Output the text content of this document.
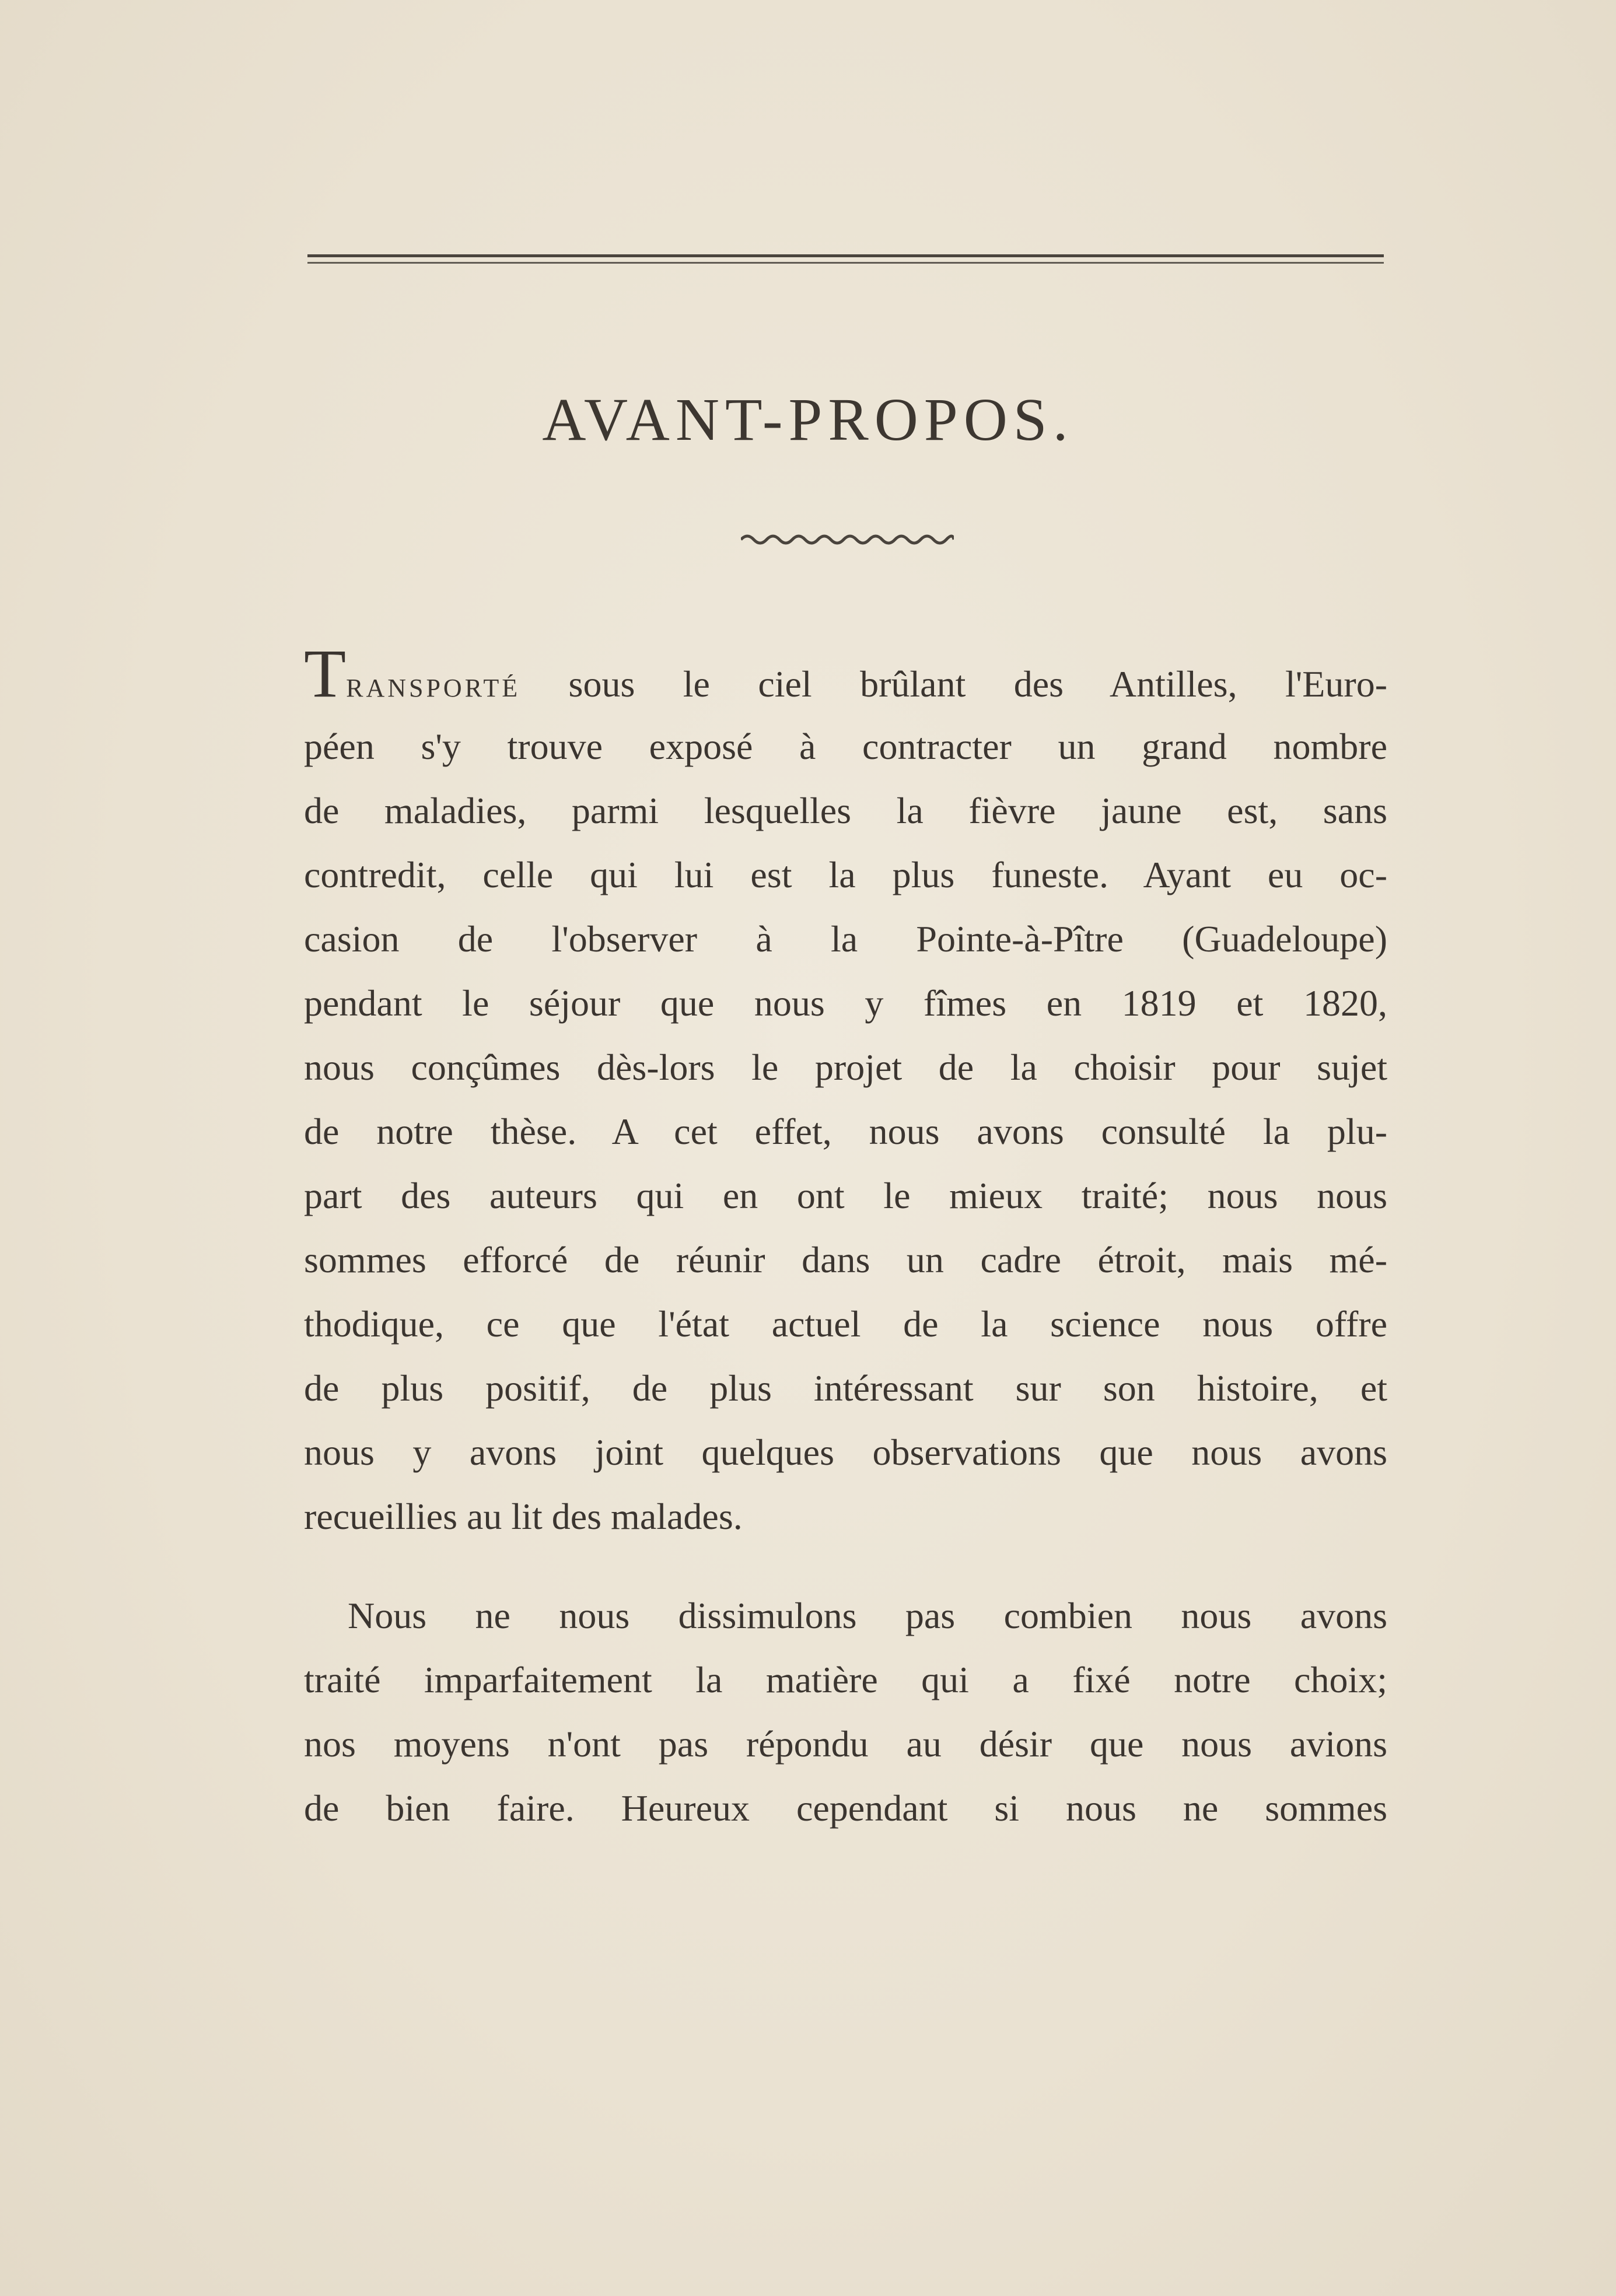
AVANT-PROPOS.
TRANSPORTÉ sous le ciel brûlant des Antilles, l'Euro-
péen s'y trouve exposé à contracter un grand nombre
de maladies, parmi lesquelles la fièvre jaune est, sans
contredit, celle qui lui est la plus funeste. Ayant eu oc-
casion de l'observer à la Pointe-à-Pître (Guadeloupe)
pendant le séjour que nous y fîmes en 1819 et 1820,
nous conçûmes dès-lors le projet de la choisir pour sujet
de notre thèse. A cet effet, nous avons consulté la plu-
part des auteurs qui en ont le mieux traité; nous nous
sommes efforcé de réunir dans un cadre étroit, mais mé-
thodique, ce que l'état actuel de la science nous offre
de plus positif, de plus intéressant sur son histoire, et
nous y avons joint quelques observations que nous avons
recueillies au lit des malades.
Nous ne nous dissimulons pas combien nous avons
traité imparfaitement la matière qui a fixé notre choix;
nos moyens n'ont pas répondu au désir que nous avions
de bien faire. Heureux cependant si nous ne sommes
